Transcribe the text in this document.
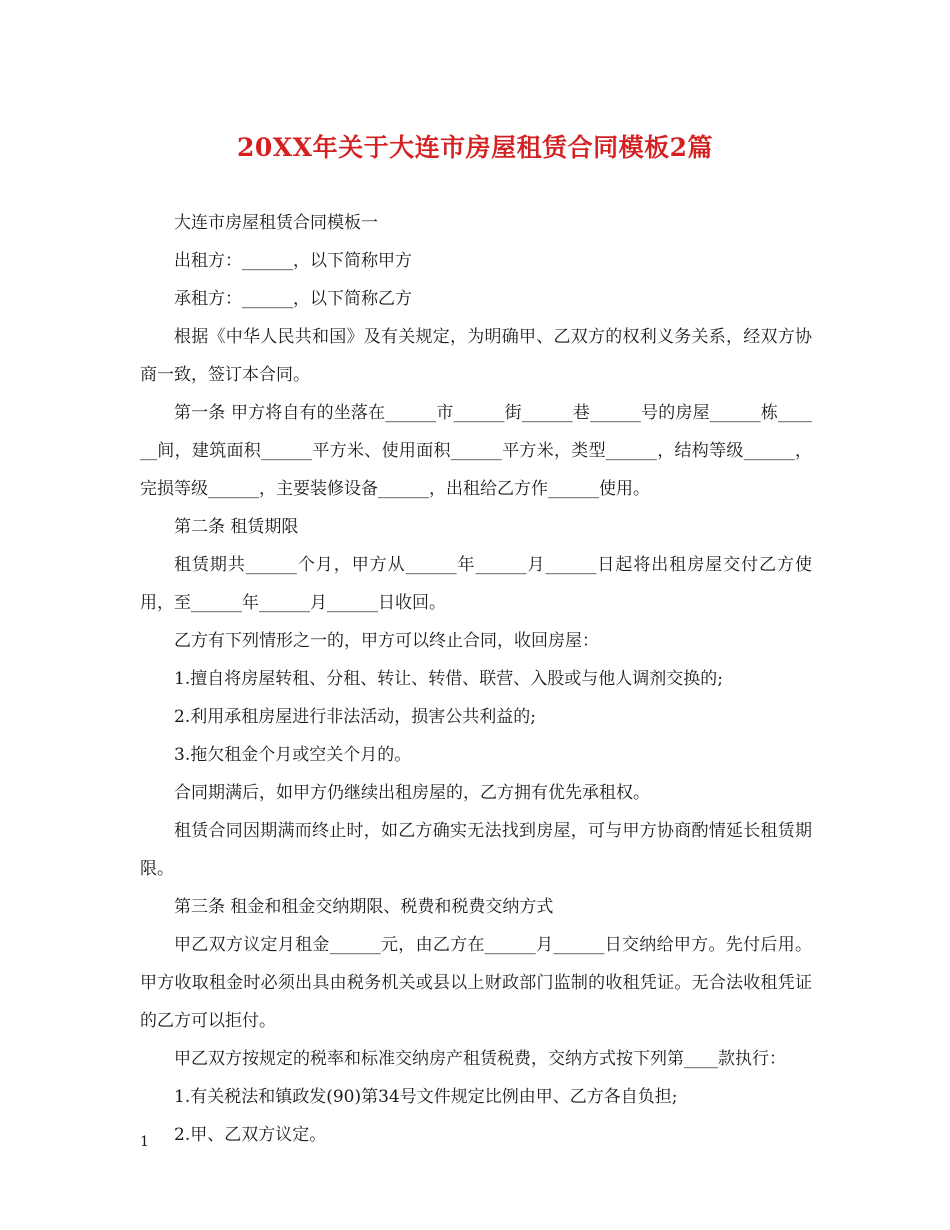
20XX年关于大连市房屋租赁合同模板2篇

大连市房屋租赁合同模板一

出租方：______，以下简称甲方

承租方：______，以下简称乙方

根据《中华人民共和国》及有关规定，为明确甲、乙双方的权利义务关系，经双方协商一致，签订本合同。

第一条 甲方将自有的坐落在______市______街______巷______号的房屋______栋______间，建筑面积______平方米、使用面积______平方米，类型______，结构等级______，完损等级______，主要装修设备______，出租给乙方作______使用。

第二条 租赁期限

租赁期共______个月，甲方从______年______月______日起将出租房屋交付乙方使用，至______年______月______日收回。

乙方有下列情形之一的，甲方可以终止合同，收回房屋：

1.擅自将房屋转租、分租、转让、转借、联营、入股或与他人调剂交换的;

2.利用承租房屋进行非法活动，损害公共利益的;

3.拖欠租金个月或空关个月的。

合同期满后，如甲方仍继续出租房屋的，乙方拥有优先承租权。

租赁合同因期满而终止时，如乙方确实无法找到房屋，可与甲方协商酌情延长租赁期限。

第三条 租金和租金交纳期限、税费和税费交纳方式

甲乙双方议定月租金______元，由乙方在______月______日交纳给甲方。先付后用。甲方收取租金时必须出具由税务机关或县以上财政部门监制的收租凭证。无合法收租凭证的乙方可以拒付。

甲乙双方按规定的税率和标准交纳房产租赁税费，交纳方式按下列第____款执行：

1.有关税法和镇政发(90)第34号文件规定比例由甲、乙方各自负担;

2.甲、乙双方议定。

1
